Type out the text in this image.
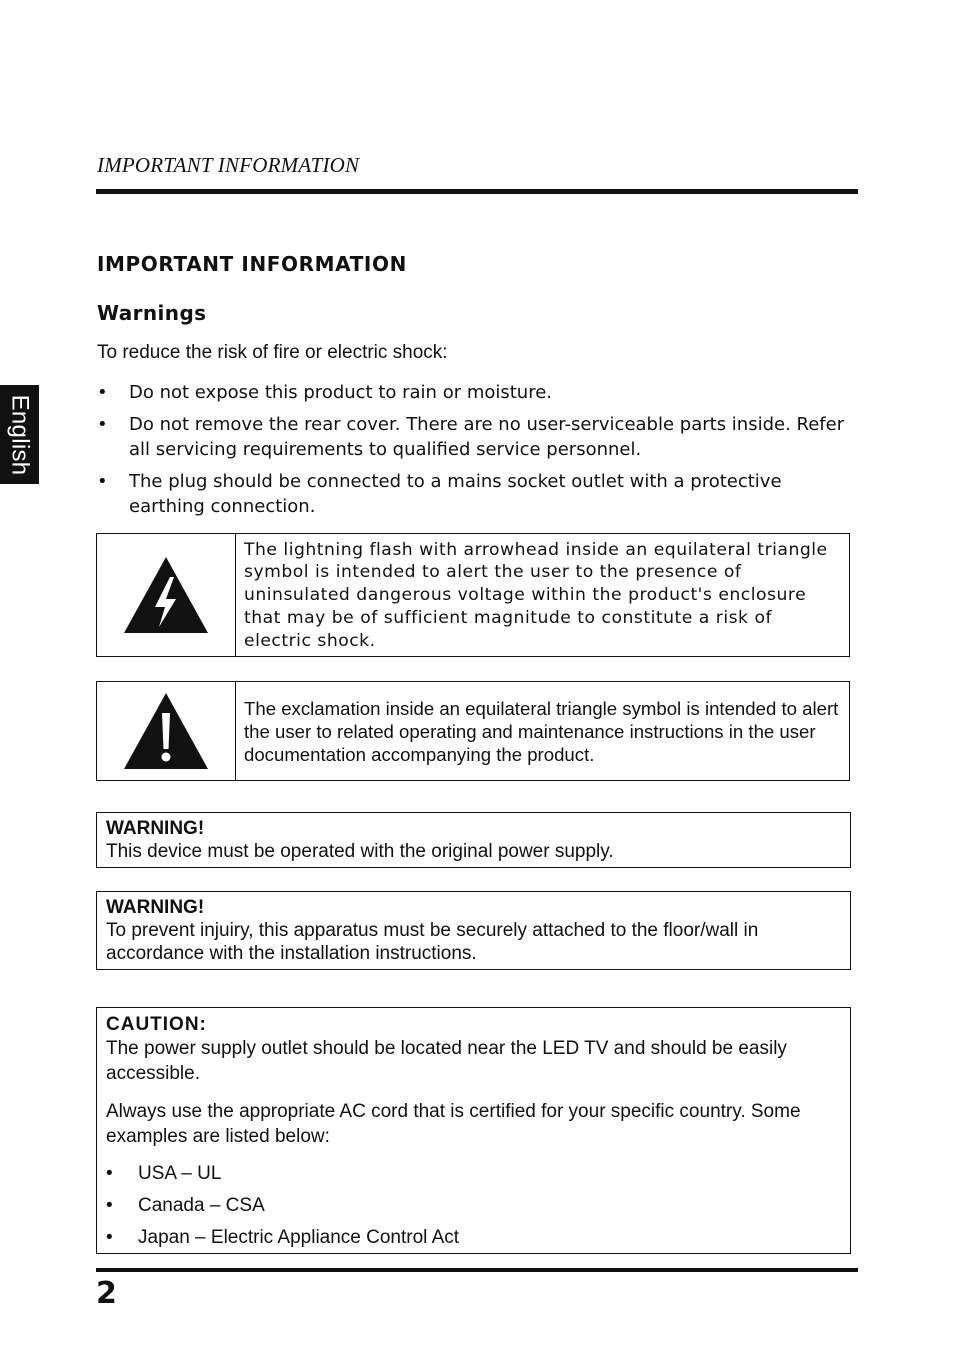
IMPORTANT INFORMATION
English
IMPORTANT INFORMATION
Warnings
To reduce the risk of fire or electric shock:
• Do not expose this product to rain or moisture.
• Do not remove the rear cover. There are no user-serviceable parts inside. Refer all servicing requirements to qualified service personnel.
• The plug should be connected to a mains socket outlet with a protective earthing connection.
The lightning flash with arrowhead inside an equilateral triangle symbol is intended to alert the user to the presence of uninsulated dangerous voltage within the product's enclosure that may be of sufficient magnitude to constitute a risk of electric shock.
The exclamation inside an equilateral triangle symbol is intended to alert the user to related operating and maintenance instructions in the user documentation accompanying the product.
WARNING!
This device must be operated with the original power supply.
WARNING!
To prevent injuiry, this apparatus must be securely attached to the floor/wall in accordance with the installation instructions.
CAUTION:

The power supply outlet should be located near the LED TV and should be easily accessible.

Always use the appropriate AC cord that is certified for your specific country. Some examples are listed below:

• USA – UL
• Canada – CSA
• Japan – Electric Appliance Control Act
2
